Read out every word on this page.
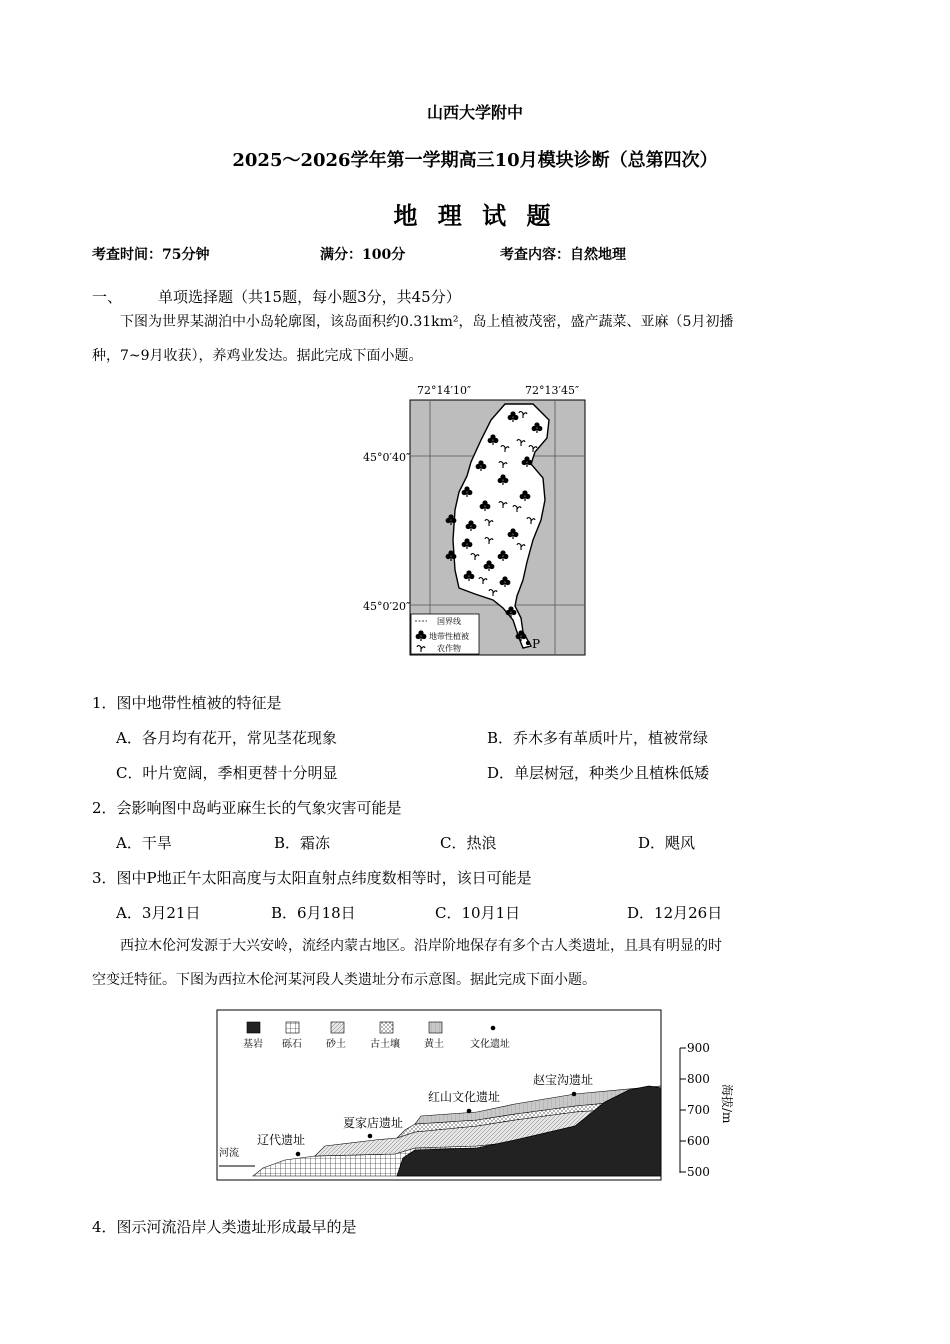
山西大学附中
2025～2026学年第一学期高三10月模块诊断（总第四次）
地 理 试 题
考查时间：75分钟	满分：100分	考查内容：自然地理
一、 单项选择题（共15题，每小题3分，共45分）
下图为世界某湖泊中小岛轮廓图，该岛面积约0.31km²，岛上植被茂密，盛产蔬菜、亚麻（5月初播
种，7~9月收获），养鸡业发达。据此完成下面小题。
72°14′10″	72°13′45″
45°0′40″
45°0′20″
P
国界线
地带性植被
农作物
1．图中地带性植被的特征是
A．各月均有花开，常见茎花现象	B．乔木多有革质叶片，植被常绿
C．叶片宽阔，季相更替十分明显	D．单层树冠，种类少且植株低矮
2．会影响图中岛屿亚麻生长的气象灾害可能是
A．干旱	B．霜冻	C．热浪	D．飓风
3．图中P地正午太阳高度与太阳直射点纬度数相等时，该日可能是
A．3月21日	B．6月18日	C．10月1日	D．12月26日
西拉木伦河发源于大兴安岭，流经内蒙古地区。沿岸阶地保存有多个古人类遗址，且具有明显的时
空变迁特征。下图为西拉木伦河某河段人类遗址分布示意图。据此完成下面小题。
基岩 砾石 砂土 古土壤 黄土	文化遗址
河流
辽代遗址
夏家店遗址
红山文化遗址
赵宝沟遗址
900
800
700
600
500
海拔/m
4．图示河流沿岸人类遗址形成最早的是
